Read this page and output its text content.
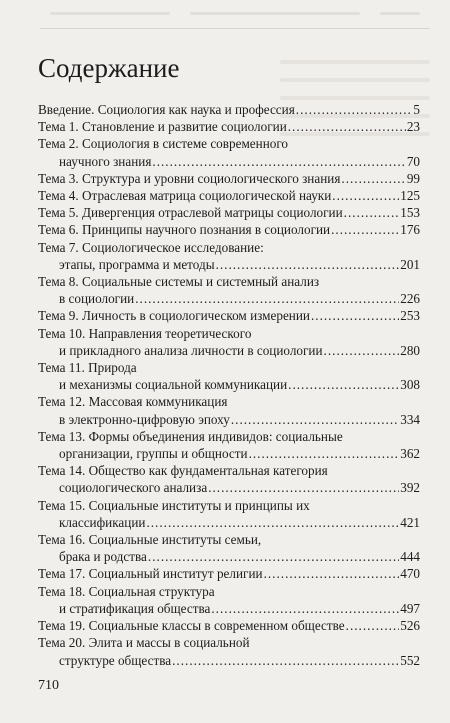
Содержание
Введение. Социология как наука и профессия .....	5
Тема 1. Становление и развитие социологии .....	23
Тема 2. Социология в системе современного
научного знания .....	70
Тема 3. Структура и уровни социологического знания .....	99
Тема 4. Отраслевая матрица социологической науки .....	125
Тема 5. Дивергенция отраслевой матрицы социологии .....	153
Тема 6. Принципы научного познания в социологии .....	176
Тема 7. Социологическое исследование:
этапы, программа и методы .....	201
Тема 8. Социальные системы и системный анализ
в социологии .....	226
Тема 9. Личность в социологическом измерении .....	253
Тема 10. Направления теоретического
и прикладного анализа личности в социологии .....	280
Тема 11. Природа
и механизмы социальной коммуникации .....	308
Тема 12. Массовая коммуникация
в электронно-цифровую эпоху .....	334
Тема 13. Формы объединения индивидов: социальные
организации, группы и общности .....	362
Тема 14. Общество как фундаментальная категория
социологического анализа .....	392
Тема 15. Социальные институты и принципы их
классификации .....	421
Тема 16. Социальные институты семьи,
брака и родства .....	444
Тема 17. Социальный институт религии .....	470
Тема 18. Социальная структура
и стратификация общества .....	497
Тема 19. Социальные классы в современном обществе .....	526
Тема 20. Элита и массы в социальной
структуре общества .....	552
710
